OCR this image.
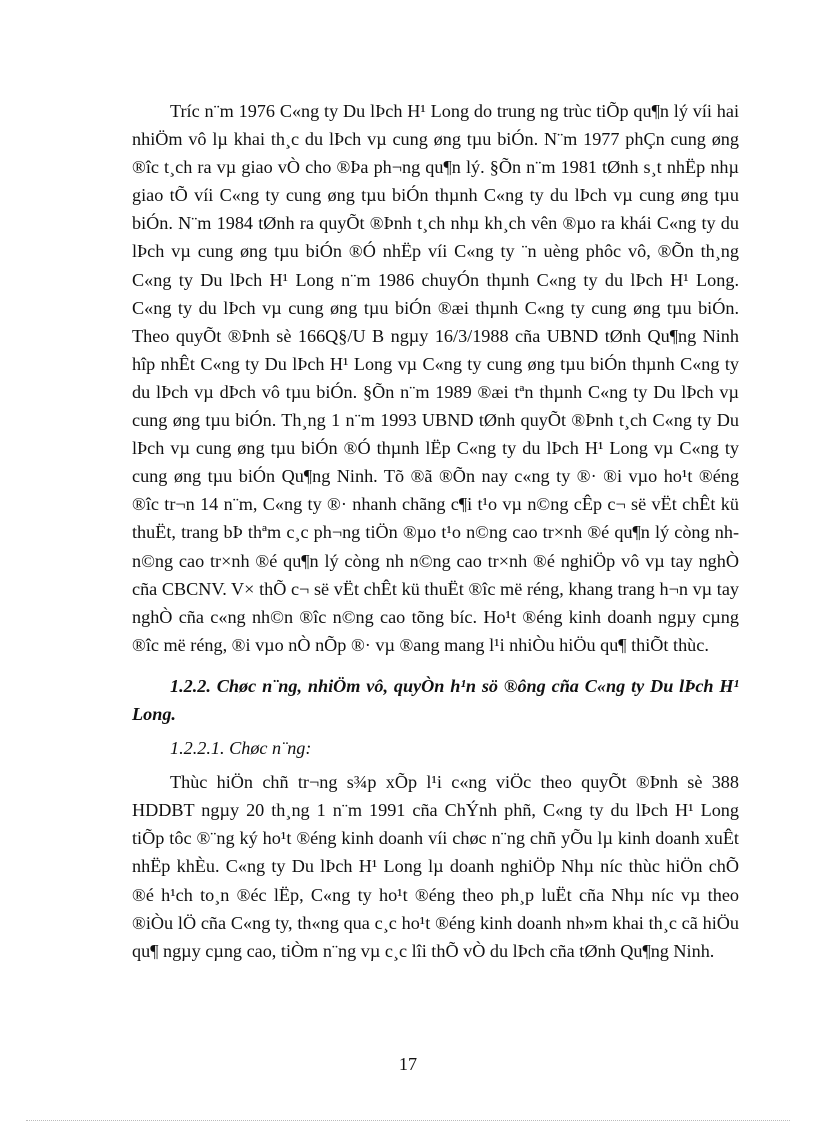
Tríc n¨m 1976 C«ng ty Du lÞch H¹ Long do trung ng trùc tiÕp qu¶n lý víi hai nhiÖm vô lµ khai th¸c du lÞch vµ cung øng tµu biÓn. N¨m 1977 phÇn cung øng ®îc t¸ch ra vµ giao vÒ cho ®Þa ph¬ng qu¶n lý. §Õn n¨m 1981 tØnh s¸t nhËp nhµ giao tÕ víi C«ng ty cung øng tµu biÓn thµnh C«ng ty du lÞch vµ cung øng tµu biÓn. N¨m 1984 tØnh ra quyÕt ®Þnh t¸ch nhµ kh¸ch vên ®µo ra khái C«ng ty du lÞch vµ cung øng tµu biÓn ®Ó nhËp víi C«ng ty ¨n uèng phôc vô, ®Õn th¸ng C«ng ty Du lÞch H¹ Long n¨m 1986 chuyÓn thµnh C«ng ty du lÞch H¹ Long. C«ng ty du lÞch vµ cung øng tµu biÓn ®æi thµnh C«ng ty cung øng tµu biÓn. Theo quyÕt ®Þnh sè 166Q§/U B ngµy 16/3/1988 cña UBND tØnh Qu¶ng Ninh hîp nhÊt C«ng ty Du lÞch H¹ Long vµ C«ng ty cung øng tµu biÓn thµnh C«ng ty du lÞch vµ dÞch vô tµu biÓn. §Õn n¨m 1989 ®æi tªn thµnh C«ng ty Du lÞch vµ cung øng tµu biÓn. Th¸ng 1 n¨m 1993 UBND tØnh quyÕt ®Þnh t¸ch C«ng ty Du lÞch vµ cung øng tµu biÓn ®Ó thµnh lËp C«ng ty du lÞch H¹ Long vµ C«ng ty cung øng tµu biÓn Qu¶ng Ninh. Tõ ®ã ®Õn nay c«ng ty ®· ®i vµo ho¹t ®éng ®îc tr¬n 14 n¨m, C«ng ty ®· nhanh chãng c¶i t¹o vµ n©ng cÊp c¬ së vËt chÊt kü thuËt, trang bÞ thªm c¸c ph¬ng tiÖn ®µo t¹o n©ng cao tr×nh ®é qu¶n lý còng nh n©ng cao tr×nh ®é qu¶n lý còng nh n©ng cao tr×nh ®é nghiÖp vô vµ tay nghÒ cña CBCNV. V× thÕ c¬ së vËt chÊt kü thuËt ®îc më réng, khang trang h¬n vµ tay nghÒ cña c«ng nh©n ®îc n©ng cao tõng bíc. Ho¹t ®éng kinh doanh ngµy cµng ®îc më réng, ®i vµo nÒ nÕp ®· vµ ®ang mang l¹i nhiÒu hiÖu qu¶ thiÕt thùc.

1.2.2. Chøc n¨ng, nhiÖm vô, quyÒn h¹n sö ®ông cña C«ng ty Du lÞch H¹ Long.

1.2.2.1. Chøc n¨ng:

Thùc hiÖn chñ tr¬ng s¾p xÕp l¹i c«ng viÖc theo quyÕt ®Þnh sè 388 HDDBT ngµy 20 th¸ng 1 n¨m 1991 cña ChÝnh phñ, C«ng ty du lÞch H¹ Long tiÕp tôc ®¨ng ký ho¹t ®éng kinh doanh víi chøc n¨ng chñ yÕu lµ kinh doanh xuÊt nhËp khÈu. C«ng ty Du lÞch H¹ Long lµ doanh nghiÖp Nhµ níc thùc hiÖn chÕ ®é h¹ch to¸n ®éc lËp, C«ng ty ho¹t ®éng theo ph¸p luËt cña Nhµ níc vµ theo ®iÒu lÖ cña C«ng ty, th«ng qua c¸c ho¹t ®éng kinh doanh nh»m khai th¸c cã hiÖu qu¶ ngµy cµng cao, tiÒm n¨ng vµ c¸c lîi thÕ vÒ du lÞch cña tØnh Qu¶ng Ninh.

17
